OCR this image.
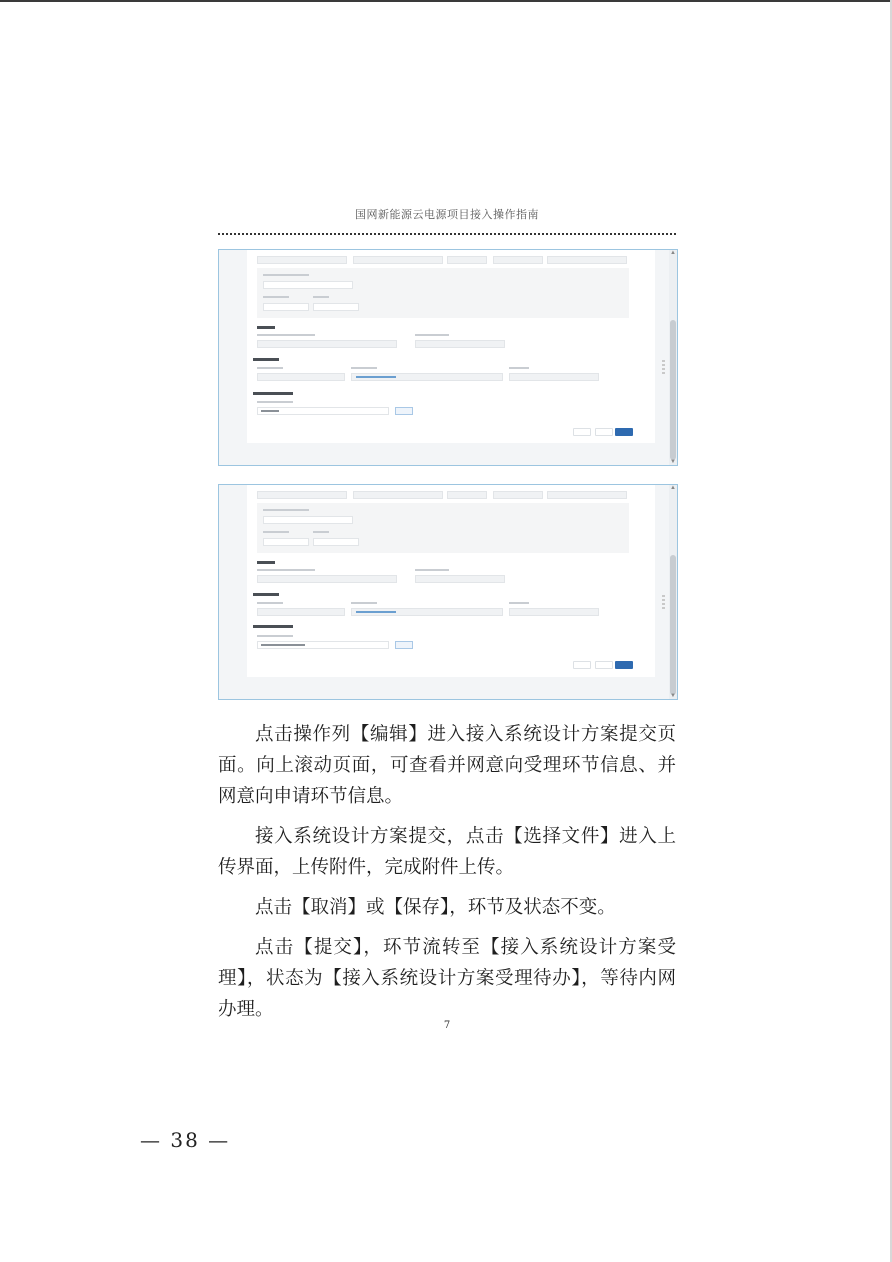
国网新能源云电源项目接入操作指南
▲
▼
▲
▼

点击操作列【编辑】进入接入系统设计方案提交页面。向上滚动页面，可查看并网意向受理环节信息、并网意向申请环节信息。

接入系统设计方案提交，点击【选择文件】进入上传界面，上传附件，完成附件上传。

点击【取消】或【保存】，环节及状态不变。

点击【提交】，环节流转至【接入系统设计方案受理】，状态为【接入系统设计方案受理待办】，等待内网办理。

7
— 38 —
